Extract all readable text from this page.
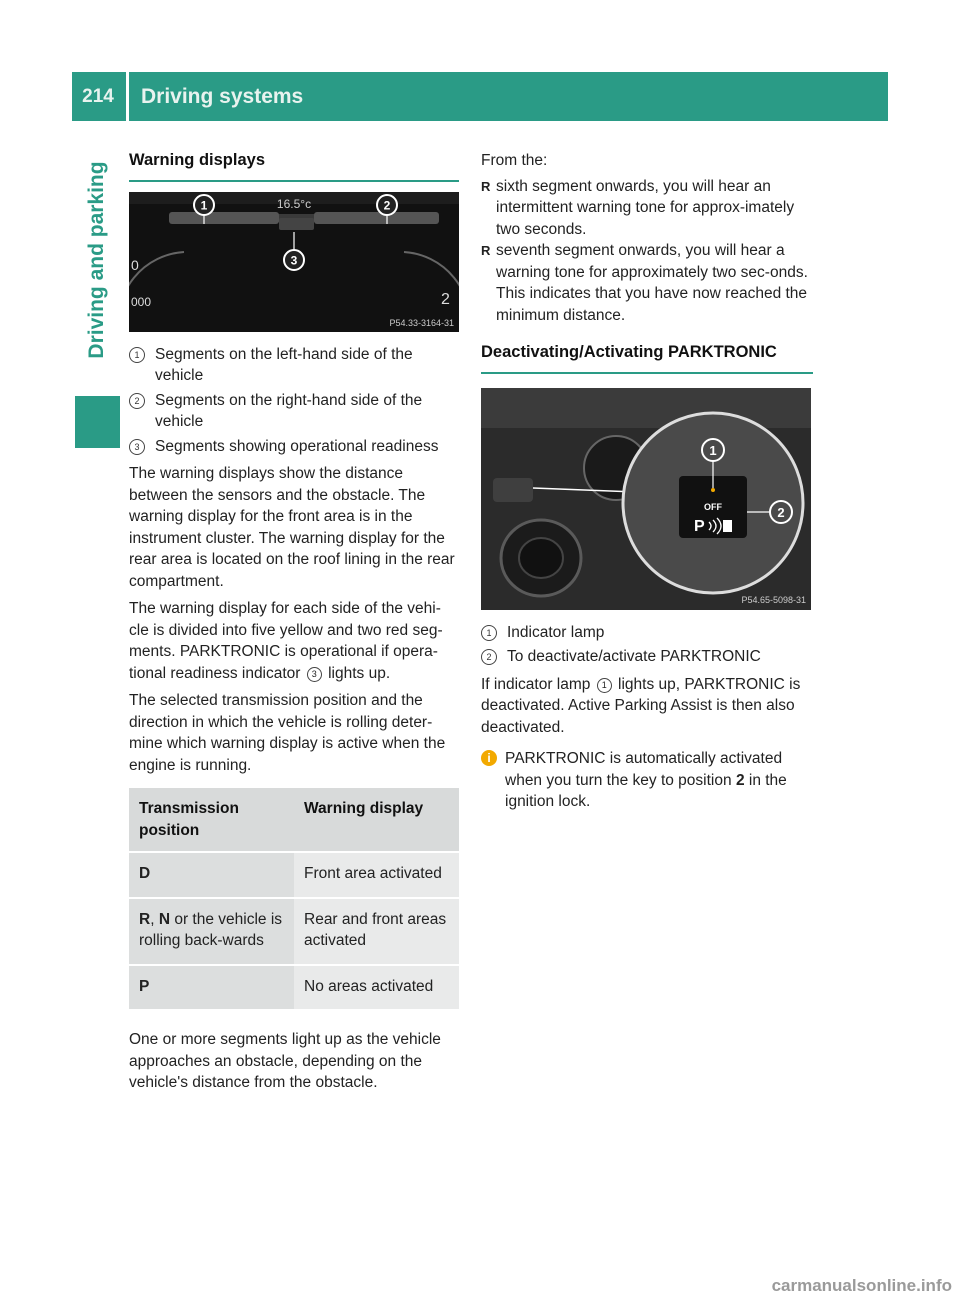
214	Driving systems
Driving and parking
Warning displays
0
000	2
1	2
3
16.5°c
P54.33-3164-31
1	Segments on the left-hand side of the vehicle
2	Segments on the right-hand side of the vehicle
3	Segments showing operational readiness

The warning displays show the distance between the sensors and the obstacle. The warning display for the front area is in the instrument cluster. The warning display for the rear area is located on the roof lining in the rear compartment.

The warning display for each side of the vehi-cle is divided into five yellow and two red seg-ments. PARKTRONIC is operational if opera-tional readiness indicator 3 lights up.

The selected transmission position and the direction in which the vehicle is rolling deter-mine which warning display is active when the engine is running.

Transmission position	Warning display
D	Front area activated
R, N or the vehicle is rolling back-wards	Rear and front areas activated
P	No areas activated

One or more segments light up as the vehicle approaches an obstacle, depending on the vehicle's distance from the obstacle.

From the:

R sixth segment onwards, you will hear an intermittent warning tone for approx-imately two seconds.
R seventh segment onwards, you will hear a warning tone for approximately two sec-onds. This indicates that you have now reached the minimum distance.
Deactivating/Activating PARKTRONIC
OFF
P
1
2
P54.65-5098-31
1	Indicator lamp
2	To deactivate/activate PARKTRONIC

If indicator lamp 1 lights up, PARKTRONIC is deactivated. Active Parking Assist is then also deactivated.

i PARKTRONIC is automatically activated when you turn the key to position 2 in the ignition lock.
carmanualsonline.info
